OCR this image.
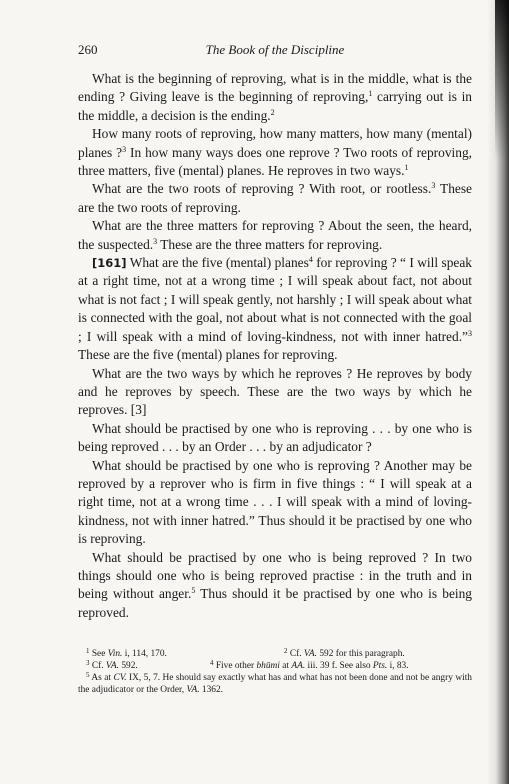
260	The Book of the Discipline

What is the beginning of reproving, what is in the middle, what is the ending ? Giving leave is the beginning of reproving,$^1$ carrying out is in the middle, a decision is the ending.$^2$

How many roots of reproving, how many matters, how many (mental) planes ?$^3$ In how many ways does one reprove ? Two roots of reproving, three matters, five (mental) planes. He reproves in two ways.$^1$

What are the two roots of reproving ? With root, or rootless.$^3$ These are the two roots of reproving.

What are the three matters for reproving ? About the seen, the heard, the suspected.$^3$ These are the three matters for reproving.

[161] What are the five (mental) planes$^4$ for reproving ? “ I will speak at a right time, not at a wrong time ; I will speak about fact, not about what is not fact ; I will speak gently, not harshly ; I will speak about what is connected with the goal, not about what is not connected with the goal ; I will speak with a mind of loving-kindness, not with inner hatred.”$^3$ These are the five (mental) planes for reproving.

What are the two ways by which he reproves ? He reproves by body and he reproves by speech. These are the two ways by which he reproves. [3]

What should be practised by one who is reproving . . . by one who is being reproved . . . by an Order . . . by an adjudicator ?

What should be practised by one who is reproving ? Another may be reproved by a reprover who is firm in five things : “ I will speak at a right time, not at a wrong time . . . I will speak with a mind of loving-kindness, not with inner hatred.” Thus should it be practised by one who is reproving.

What should be practised by one who is being reproved ? In two things should one who is being reproved practise : in the truth and in being without anger.$^5$ Thus should it be practised by one who is being reproved.

$^1$ See Vin. i, 114, 170.	$^2$ Cf. VA. 592 for this paragraph.
$^3$ Cf. VA. 592.	$^4$ Five other bhūmi at AA. iii. 39 f. See also Pts. i, 83.
$^5$ As at CV. IX, 5, 7. He should say exactly what has and what has not been done and not be angry with the adjudicator or the Order, VA. 1362.
